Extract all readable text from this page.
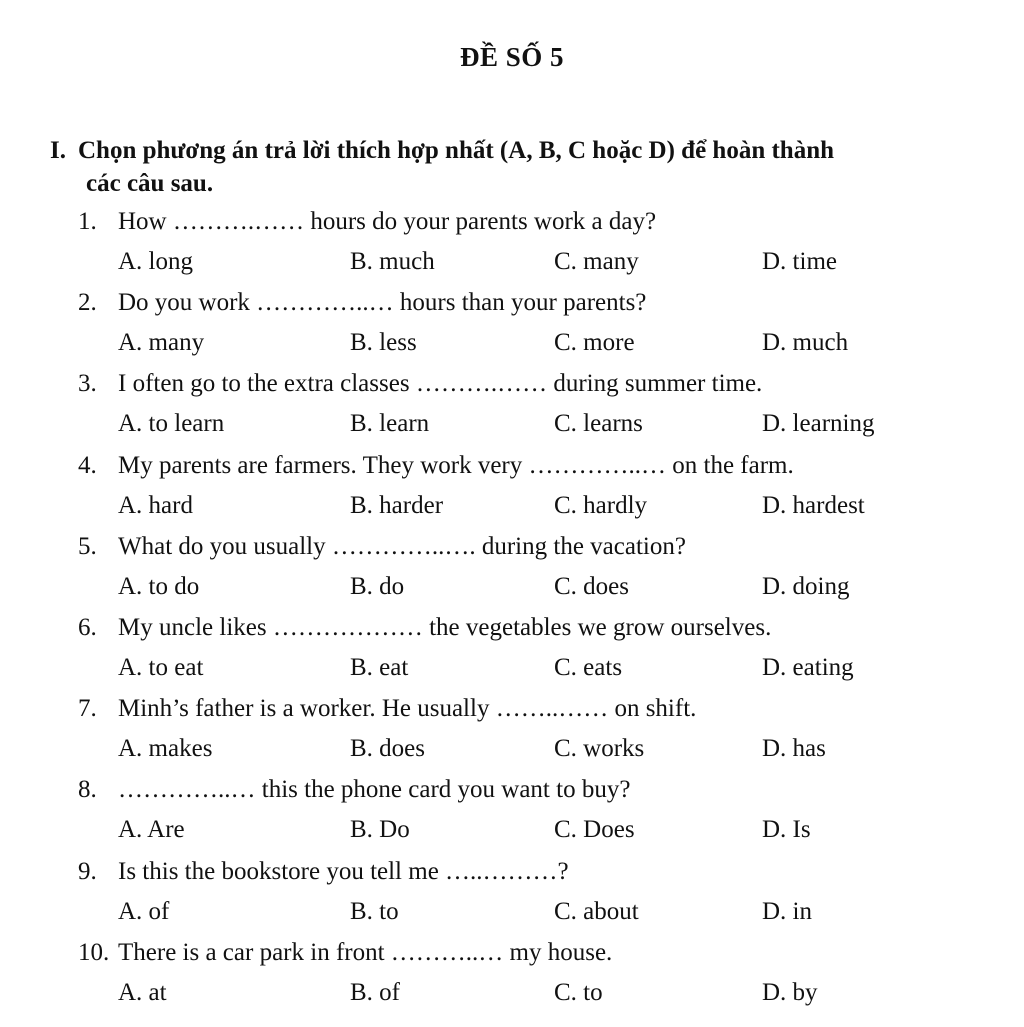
ĐỀ SỐ 5
I. Chọn phương án trả lời thích hợp nhất (A, B, C hoặc D) để hoàn thành
các câu sau.
1. How ……….…… hours do your parents work a day?
A. long	B. much	C. many	D. time
2. Do you work …………..… hours than your parents?
A. many	B. less	C. more	D. much
3. I often go to the extra classes ……….…… during summer time.
A. to learn	B. learn	C. learns	D. learning
4. My parents are farmers. They work very …………..… on the farm.
A. hard	B. harder	C. hardly	D. hardest
5. What do you usually …………..…. during the vacation?
A. to do	B. do	C. does	D. doing
6. My uncle likes ……………… the vegetables we grow ourselves.
A. to eat	B. eat	C. eats	D. eating
7. Minh’s father is a worker. He usually ……..…… on shift.
A. makes	B. does	C. works	D. has
8. …………..… this the phone card you want to buy?
A. Are	B. Do	C. Does	D. Is
9. Is this the bookstore you tell me …..………?
A. of	B. to	C. about	D. in
10. There is a car park in front ………..… my house.
A. at	B. of	C. to	D. by
